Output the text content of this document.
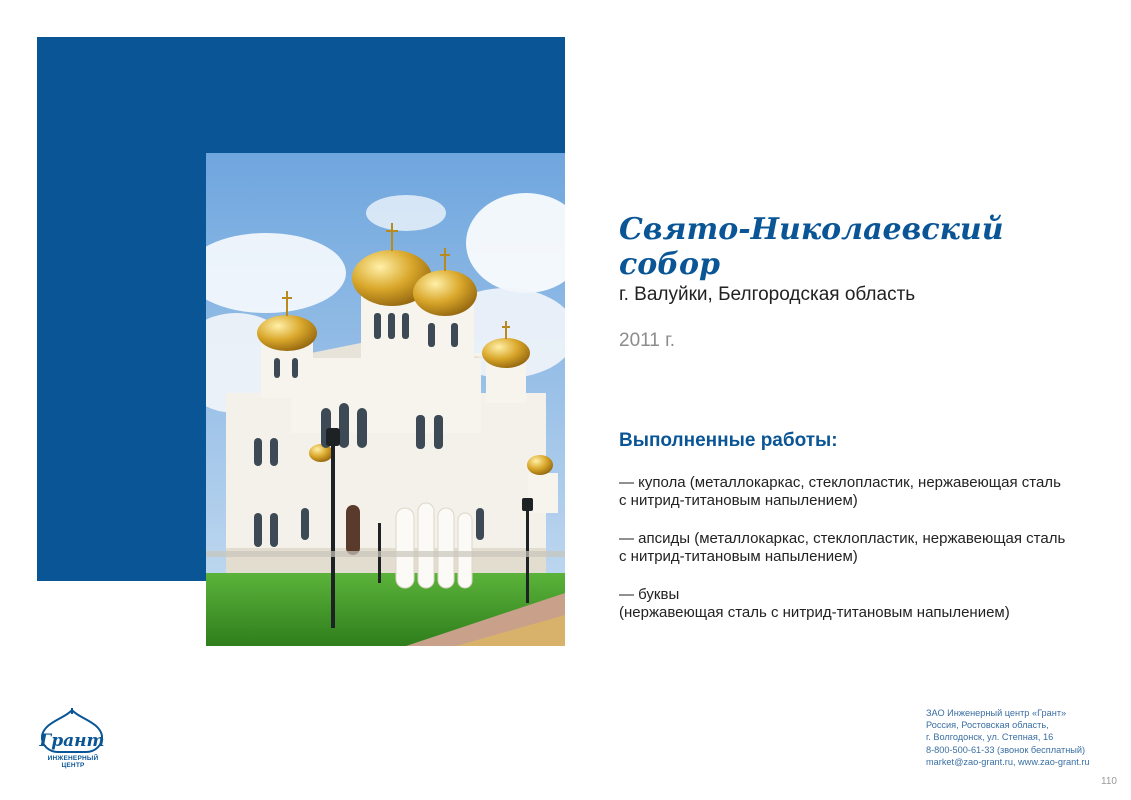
Свято-Николаевский собор

г. Валуйки, Белгородская область

2011 г.

Выполненные работы:
— купола (металлокаркас, стеклопластик, нержавеющая сталь
с нитрид-титановым напылением)
— апсиды (металлокаркас, стеклопластик, нержавеющая сталь
с нитрид-титановым напылением)
— буквы
(нержавеющая сталь с нитрид-титановым напылением)
Грант
ИНЖЕНЕРНЫЙ ЦЕНТР
ЗАО Инженерный центр «Грант»
Россия, Ростовская область,
г. Волгодонск, ул. Степная, 16
8-800-500-61-33 (звонок бесплатный)
market@zao-grant.ru, www.zao-grant.ru
110
